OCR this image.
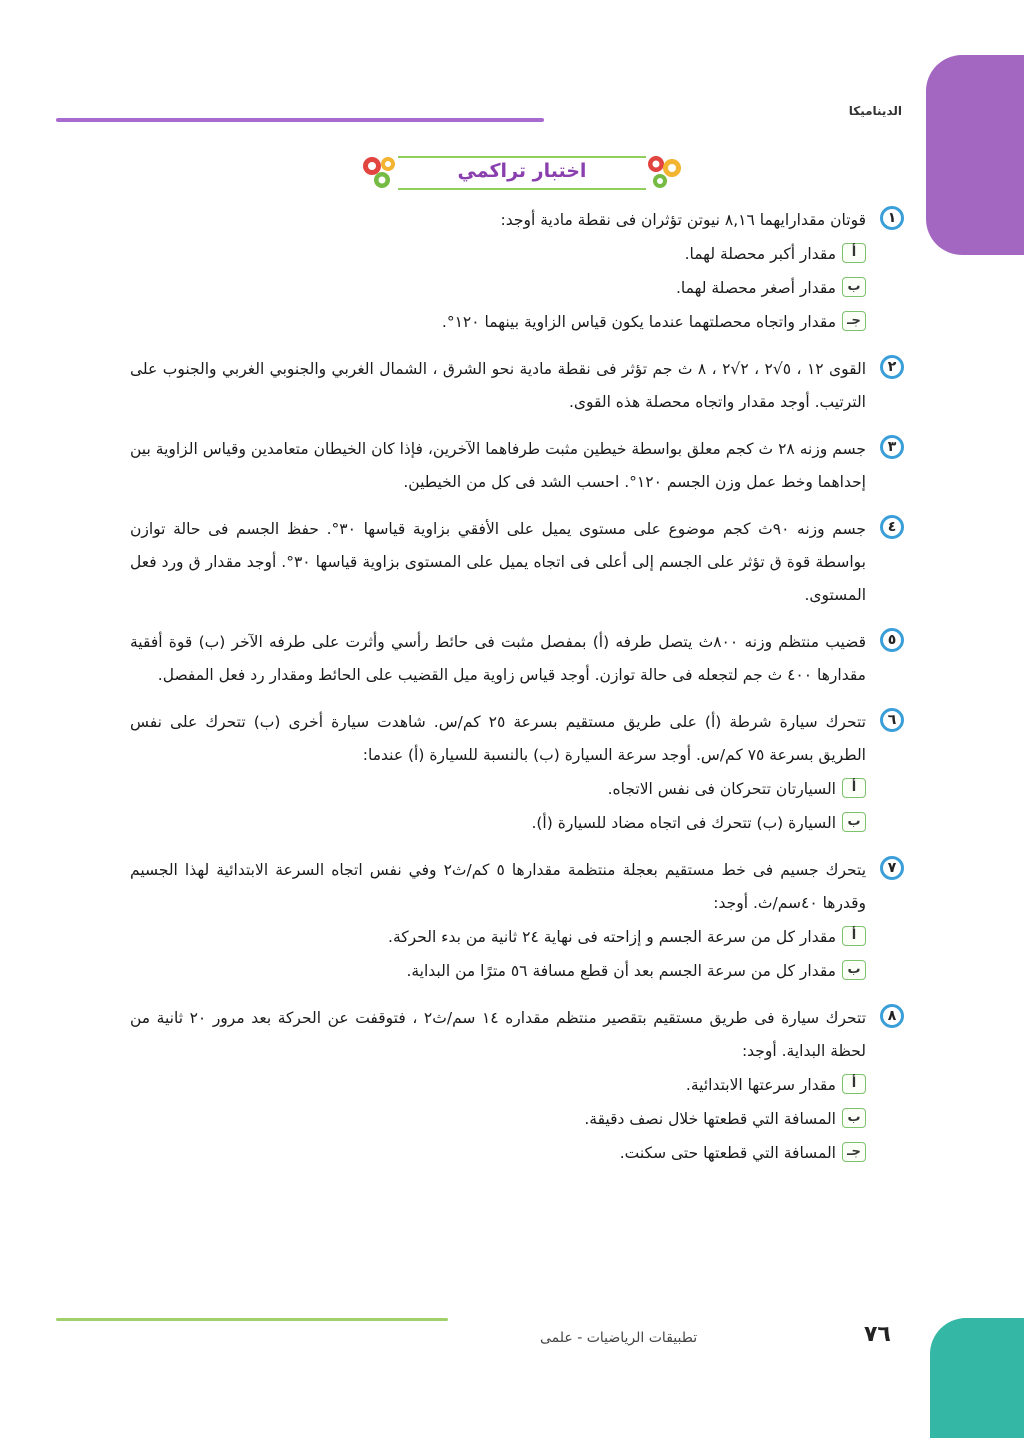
الديناميكا
اختبار تراكمي
١
قوتان مقدارايهما ٨,١٦ نيوتن تؤثران فى نقطة مادية أوجد:
أ
مقدار أكبر محصلة لهما.
ب
مقدار أصغر محصلة لهما.
جـ
مقدار واتجاه محصلتهما عندما يكون قياس الزاوية بينهما ١٢٠°.
٢
القوى ١٢ ، ٥√٢ ، ٢√٢ ، ٨ ث جم تؤثر فى نقطة مادية نحو الشرق ، الشمال الغربي والجنوبي الغربي والجنوب على الترتيب. أوجد مقدار واتجاه محصلة هذه القوى.
٣
جسم وزنه ٢٨ ث كجم معلق بواسطة خيطين مثبت طرفاهما الآخرين، فإذا كان الخيطان متعامدين وقياس الزاوية بين إحداهما وخط عمل وزن الجسم ١٢٠°. احسب الشد فى كل من الخيطين.
٤
جسم وزنه ٩٠ث كجم موضوع على مستوى يميل على الأفقي بزاوية قياسها ٣٠°. حفظ الجسم فى حالة توازن بواسطة قوة ق تؤثر على الجسم إلى أعلى فى اتجاه يميل على المستوى بزاوية قياسها ٣٠°. أوجد مقدار ق ورد فعل المستوى.
٥
قضيب منتظم وزنه ٨٠٠ث يتصل طرفه (أ) بمفصل مثبت فى حائط رأسي وأثرت على طرفه الآخر (ب) قوة أفقية مقدارها ٤٠٠ ث جم لتجعله فى حالة توازن. أوجد قياس زاوية ميل القضيب على الحائط ومقدار رد فعل المفصل.
٦
تتحرك سيارة شرطة (أ) على طريق مستقيم بسرعة ٢٥ كم/س. شاهدت سيارة أخرى (ب) تتحرك على نفس الطريق بسرعة ٧٥ كم/س. أوجد سرعة السيارة (ب) بالنسبة للسيارة (أ) عندما:
أ
السيارتان تتحركان فى نفس الاتجاه.
ب
السيارة (ب) تتحرك فى اتجاه مضاد للسيارة (أ).
٧
يتحرك جسيم فى خط مستقيم بعجلة منتظمة مقدارها ٥ كم/ث٢ وفي نفس اتجاه السرعة الابتدائية لهذا الجسيم وقدرها ٤٠سم/ث. أوجد:
أ
مقدار كل من سرعة الجسم و إزاحته فى نهاية ٢٤ ثانية من بدء الحركة.
ب
مقدار كل من سرعة الجسم بعد أن قطع مسافة ٥٦ مترًا من البداية.
٨
تتحرك سيارة فى طريق مستقيم بتقصير منتظم مقداره ١٤ سم/ث٢ ، فتوقفت عن الحركة بعد مرور ٢٠ ثانية من لحظة البداية. أوجد:
أ
مقدار سرعتها الابتدائية.
ب
المسافة التي قطعتها خلال نصف دقيقة.
جـ
المسافة التي قطعتها حتى سكنت.
تطبيقات الرياضيات - علمى	٧٦
